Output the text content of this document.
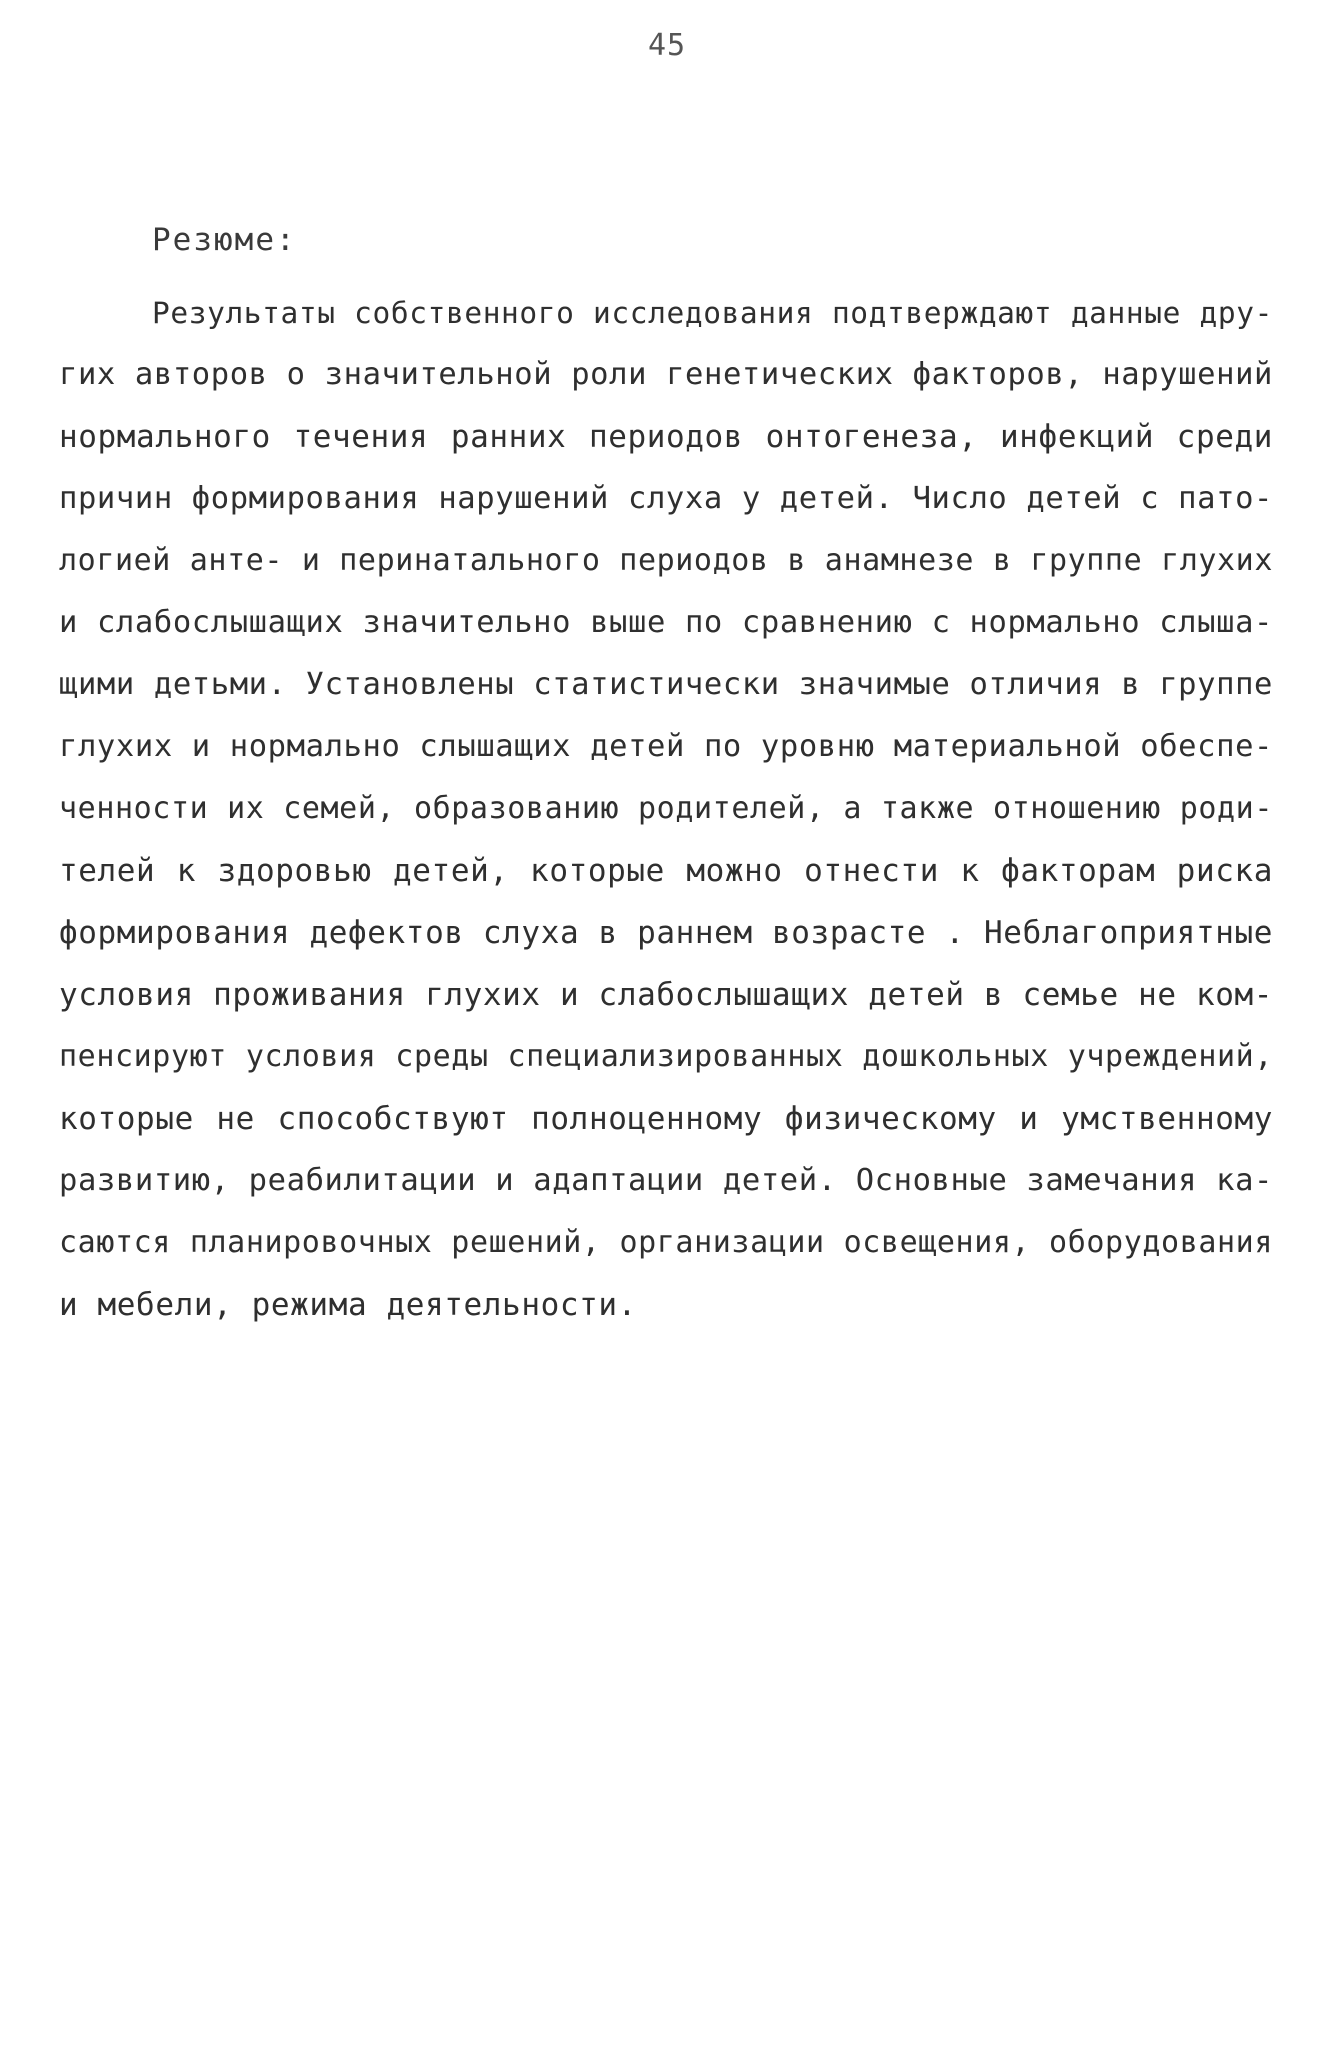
45
Резюме:
Результаты собственного исследования подтверждают данные дру-
гих авторов о значительной роли генетических факторов, нарушений
нормального течения ранних периодов онтогенеза, инфекций среди
причин формирования нарушений слуха у детей. Число детей с пато-
логией анте- и перинатального периодов в анамнезе в группе глухих
и слабослышащих значительно выше по сравнению с нормально слыша-
щими детьми. Установлены статистически значимые отличия в группе
глухих и нормально слышащих детей по уровню материальной обеспе-
ченности их семей, образованию родителей, а также отношению роди-
телей к здоровью детей, которые можно отнести к факторам риска
формирования дефектов слуха в раннем возрасте . Неблагоприятные
условия проживания глухих и слабослышащих детей в семье не ком-
пенсируют условия среды специализированных дошкольных учреждений,
которые не способствуют полноценному физическому и умственному
развитию, реабилитации и адаптации детей. Основные замечания ка-
саются планировочных решений, организации освещения, оборудования
и мебели, режима деятельности.
